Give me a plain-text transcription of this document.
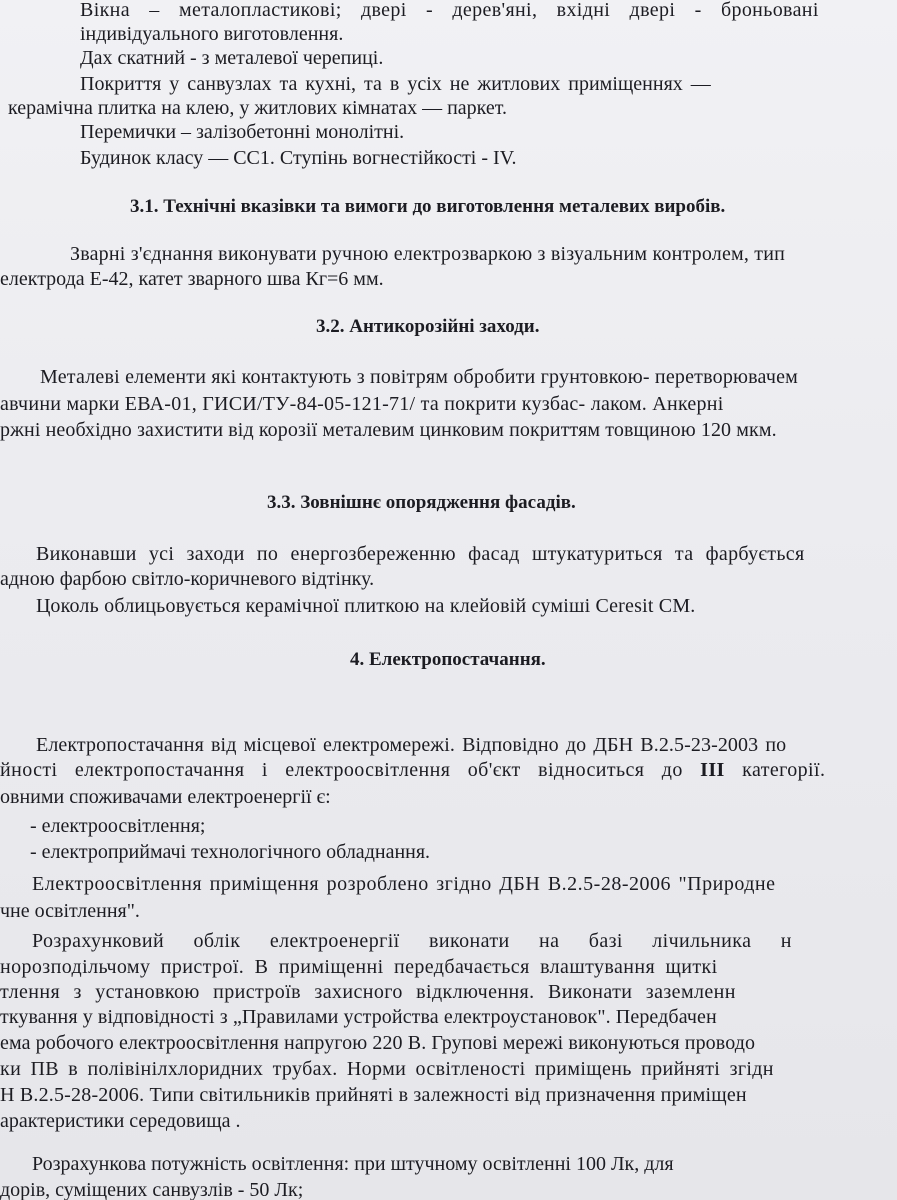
Вікна – металопластикові; двері - дерев'яні, вхідні двері - броньовані
індивідуального виготовлення.
Дах скатний - з металевої черепиці.
Покриття у санвузлах та кухні, та в усіх не житлових приміщеннях —
керамічна плитка на клею, у житлових кімнатах — паркет.
Перемички – залізобетонні монолітні.
Будинок класу — СС1. Ступінь вогнестійкості - IV.
3.1. Технічні вказівки та вимоги до виготовлення металевих виробів.
Зварні з'єднання виконувати ручною електрозваркою з візуальним контролем, тип
електрода Е-42, катет зварного шва Кг=6 мм.
3.2. Антикорозійні заходи.
Металеві елементи які контактують з повітрям обробити грунтовкою- перетворювачем
авчини марки ЕВА-01, ГИСИ/ТУ-84-05-121-71/ та покрити кузбас- лаком. Анкерні
ржні необхідно захистити від корозії металевим цинковим покриттям товщиною 120 мкм.
3.3. Зовнішнє опорядження фасадів.
Виконавши усі заходи по енергозбереженню фасад штукатуриться та фарбується
адною фарбою світло-коричневого відтінку.
Цоколь облицьовується керамічної плиткою на клейовій суміші Ceresit CM.
4. Електропостачання.
Електропостачання від місцевої електромережі. Відповідно до ДБН В.2.5-23-2003 по
йності електропостачання і електроосвітлення об'єкт відноситься до III категорії.
овними споживачами електроенергії є:
- електроосвітлення;
- електроприймачі технологічного обладнання.
Електроосвітлення приміщення розроблено згідно ДБН В.2.5-28-2006 "Природне
чне освітлення".
Розрахунковий облік електроенергії виконати на базі лічильника н
норозподільчому пристрої. В приміщенні передбачається влаштування щиткі
тлення з установкою пристроїв захисного відключення. Виконати заземленн
ткування у відповідності з „Правилами устройства електроустановок". Передбачен
ема робочого електроосвітлення напругою 220 В. Групові мережі виконуються проводо
ки ПВ в полівінілхлоридних трубах. Норми освітленості приміщень прийняті згідн
Н В.2.5-28-2006. Типи світильників прийняті в залежності від призначення приміщен
арактеристики середовища .
Розрахункова потужність освітлення: при штучному освітленні 100 Лк, для
дорів, суміщених санвузлів - 50 Лк;
